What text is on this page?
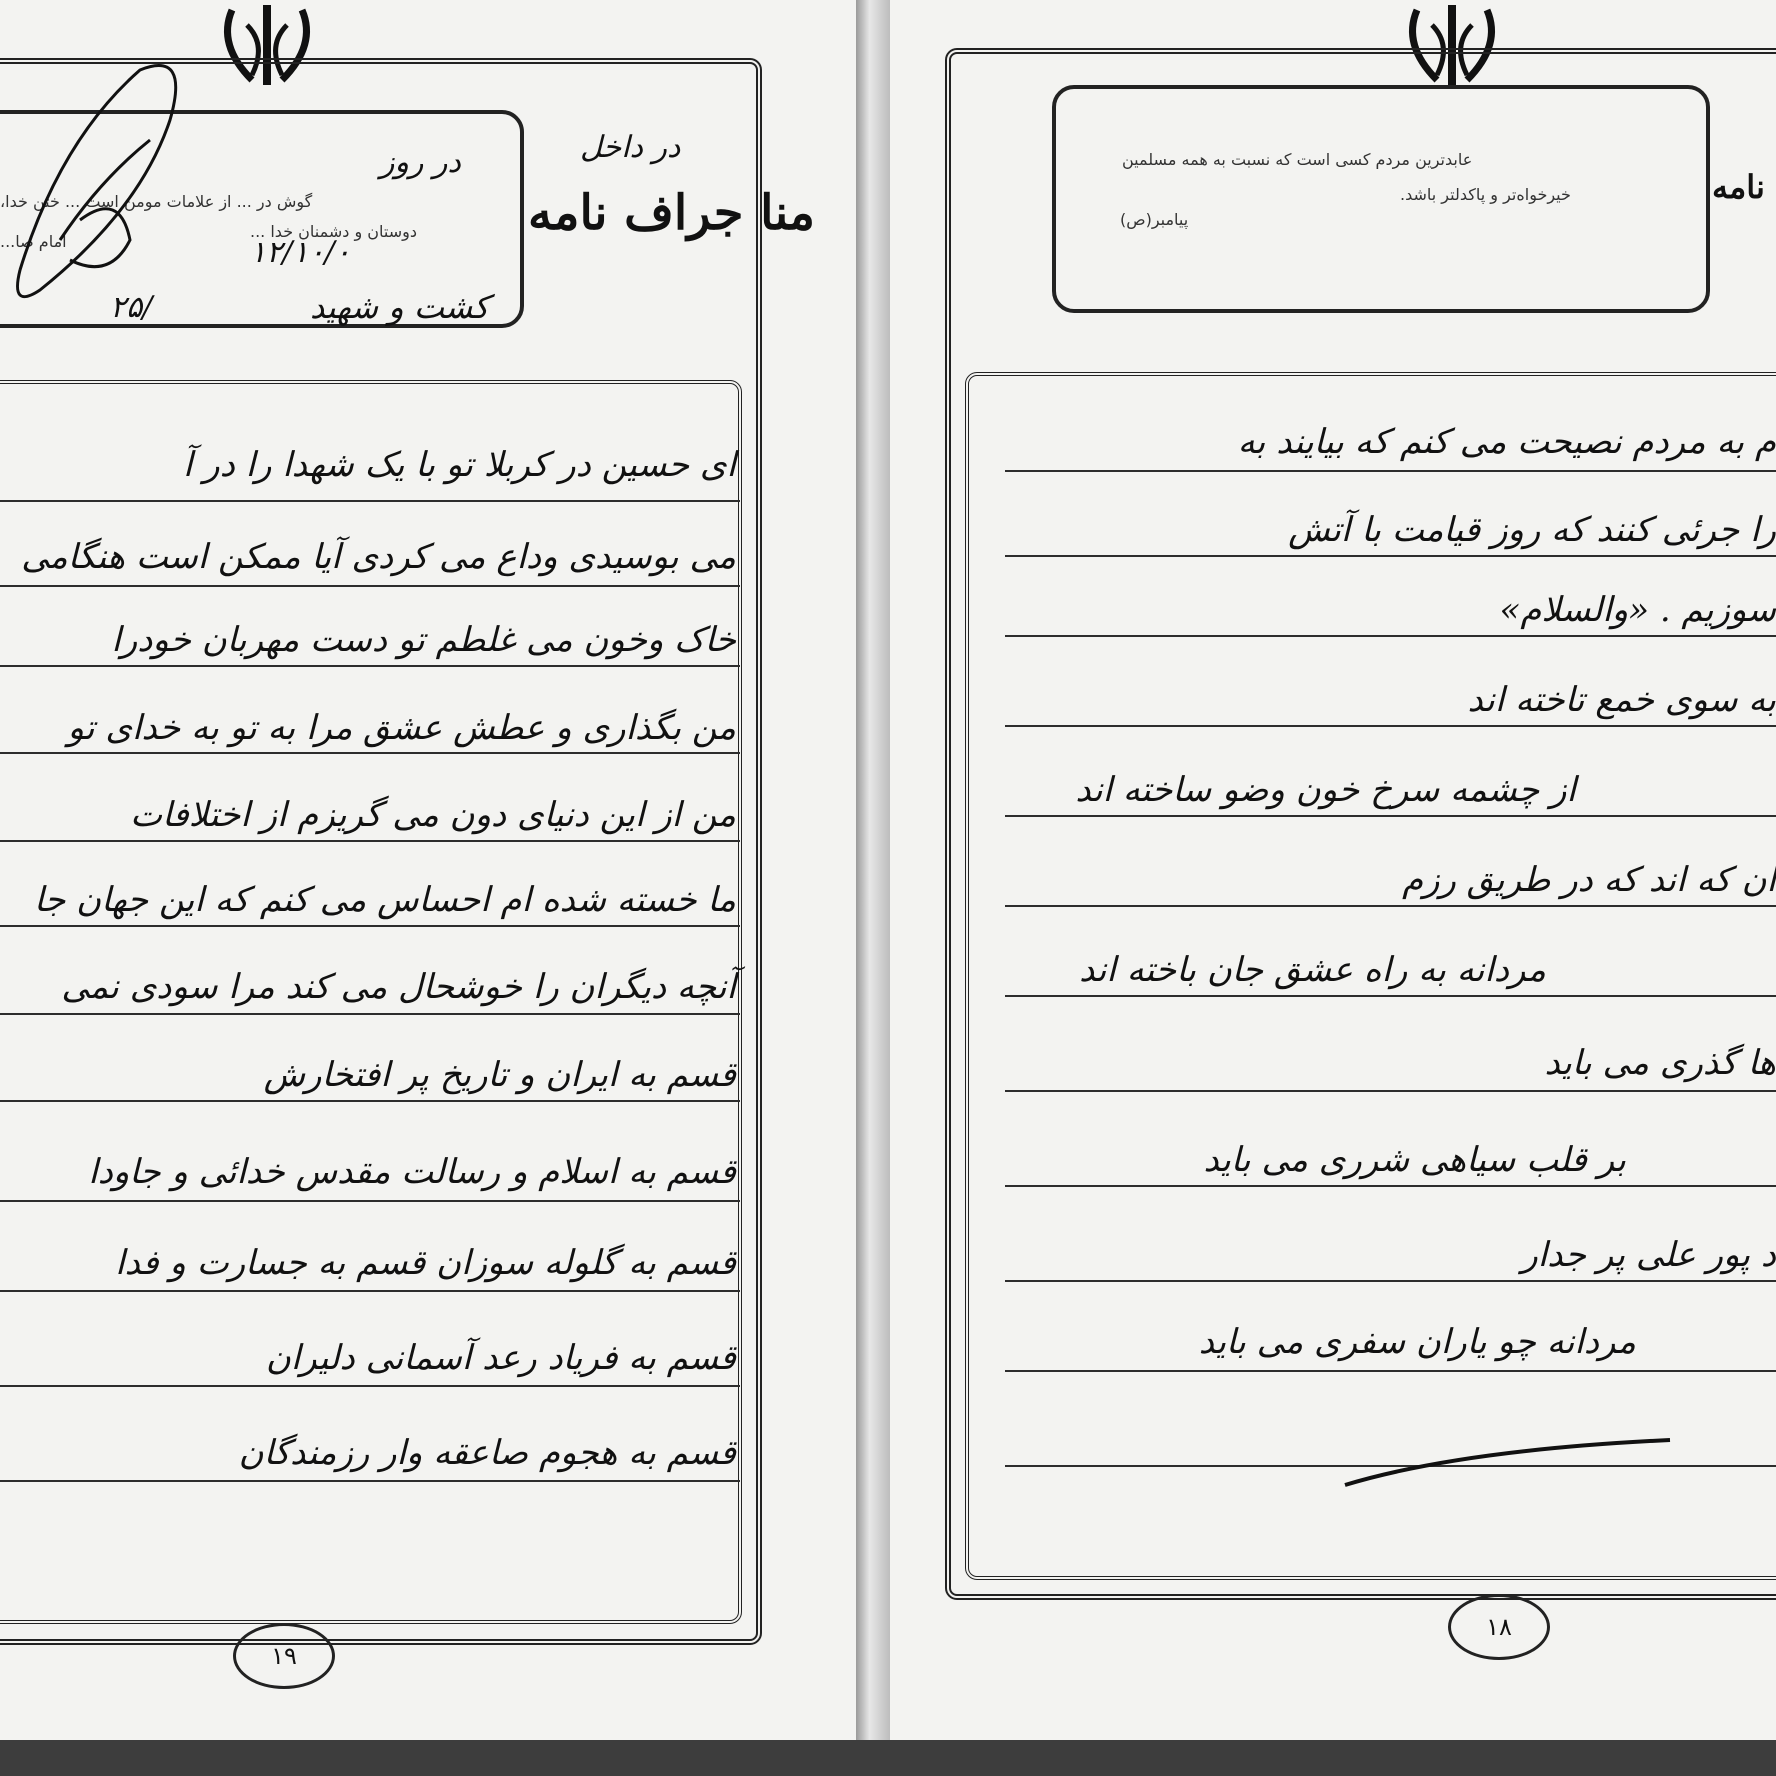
منا جراف نامه
گوش در ... از علامات مومن است ... ختن خدا،
دوستان و دشمنان خدا ...
امام صا...
در داخل
در روز
۱۲/۱۰/۰
۲۵/	کشت و شهید
ای حسین در کربلا تو با یک شهدا را در آ
می بوسیدی وداع می کردی آیا ممکن است هنگامی
خاک وخون می غلطم تو دست مهربان خودرا
من بگذاری و عطش عشق مرا به تو به خدای تو
من از این دنیای دون می گریزم از اختلافات
ما خسته شده ام احساس می کنم که این جهان جا
آنچه دیگران را خوشحال می کند مرا سودی نمی
قسم به ایران و تاریخ پر افتخارش
قسم به اسلام و رسالت مقدس خدائی و جاودا
قسم به گلوله سوزان قسم به جسارت و فدا
قسم به فریاد رعد آسمانی دلیران
قسم به هجوم صاعقه وار رزمندگان
۱۹
نامه
عابدترین مردم کسی است که نسبت به همه مسلمین
خیرخواه‌تر و پاکدلتر باشد.
پیامبر(ص)
م به مردم نصیحت می کنم که بیایند به
را جرئی کنند که روز قیامت با آتش
سوزیم . «والسلام»
به سوی خمع تاخته اند
از چشمه سرخ خون وضو ساخته اند
ان که اند که در طریق رزم
مردانه به راه عشق جان باخته اند
ها گذری می باید
بر قلب سیاهی شرری می باید
د پور علی پر جدار
مردانه چو یاران سفری می باید
۱۸
